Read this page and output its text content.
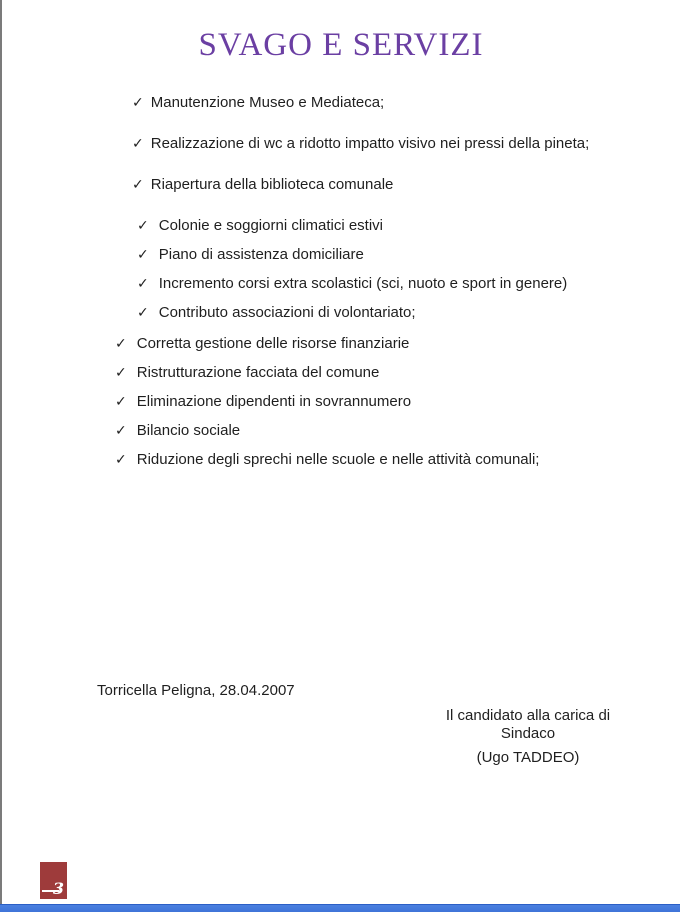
SVAGO E SERVIZI
✓ Manutenzione Museo e Mediateca;
✓ Realizzazione di wc a ridotto impatto visivo nei pressi della pineta;
✓ Riapertura della biblioteca comunale
✓ Colonie e soggiorni climatici estivi
✓ Piano di assistenza domiciliare
✓ Incremento corsi extra scolastici (sci, nuoto e sport in genere)
✓ Contributo associazioni di volontariato;
✓ Corretta gestione delle risorse finanziarie
✓ Ristrutturazione facciata del comune
✓ Eliminazione dipendenti in sovrannumero
✓ Bilancio sociale
✓ Riduzione degli sprechi nelle scuole e nelle attività comunali;
Torricella Peligna, 28.04.2007
Il candidato alla carica di Sindaco
(Ugo TADDEO)
3
